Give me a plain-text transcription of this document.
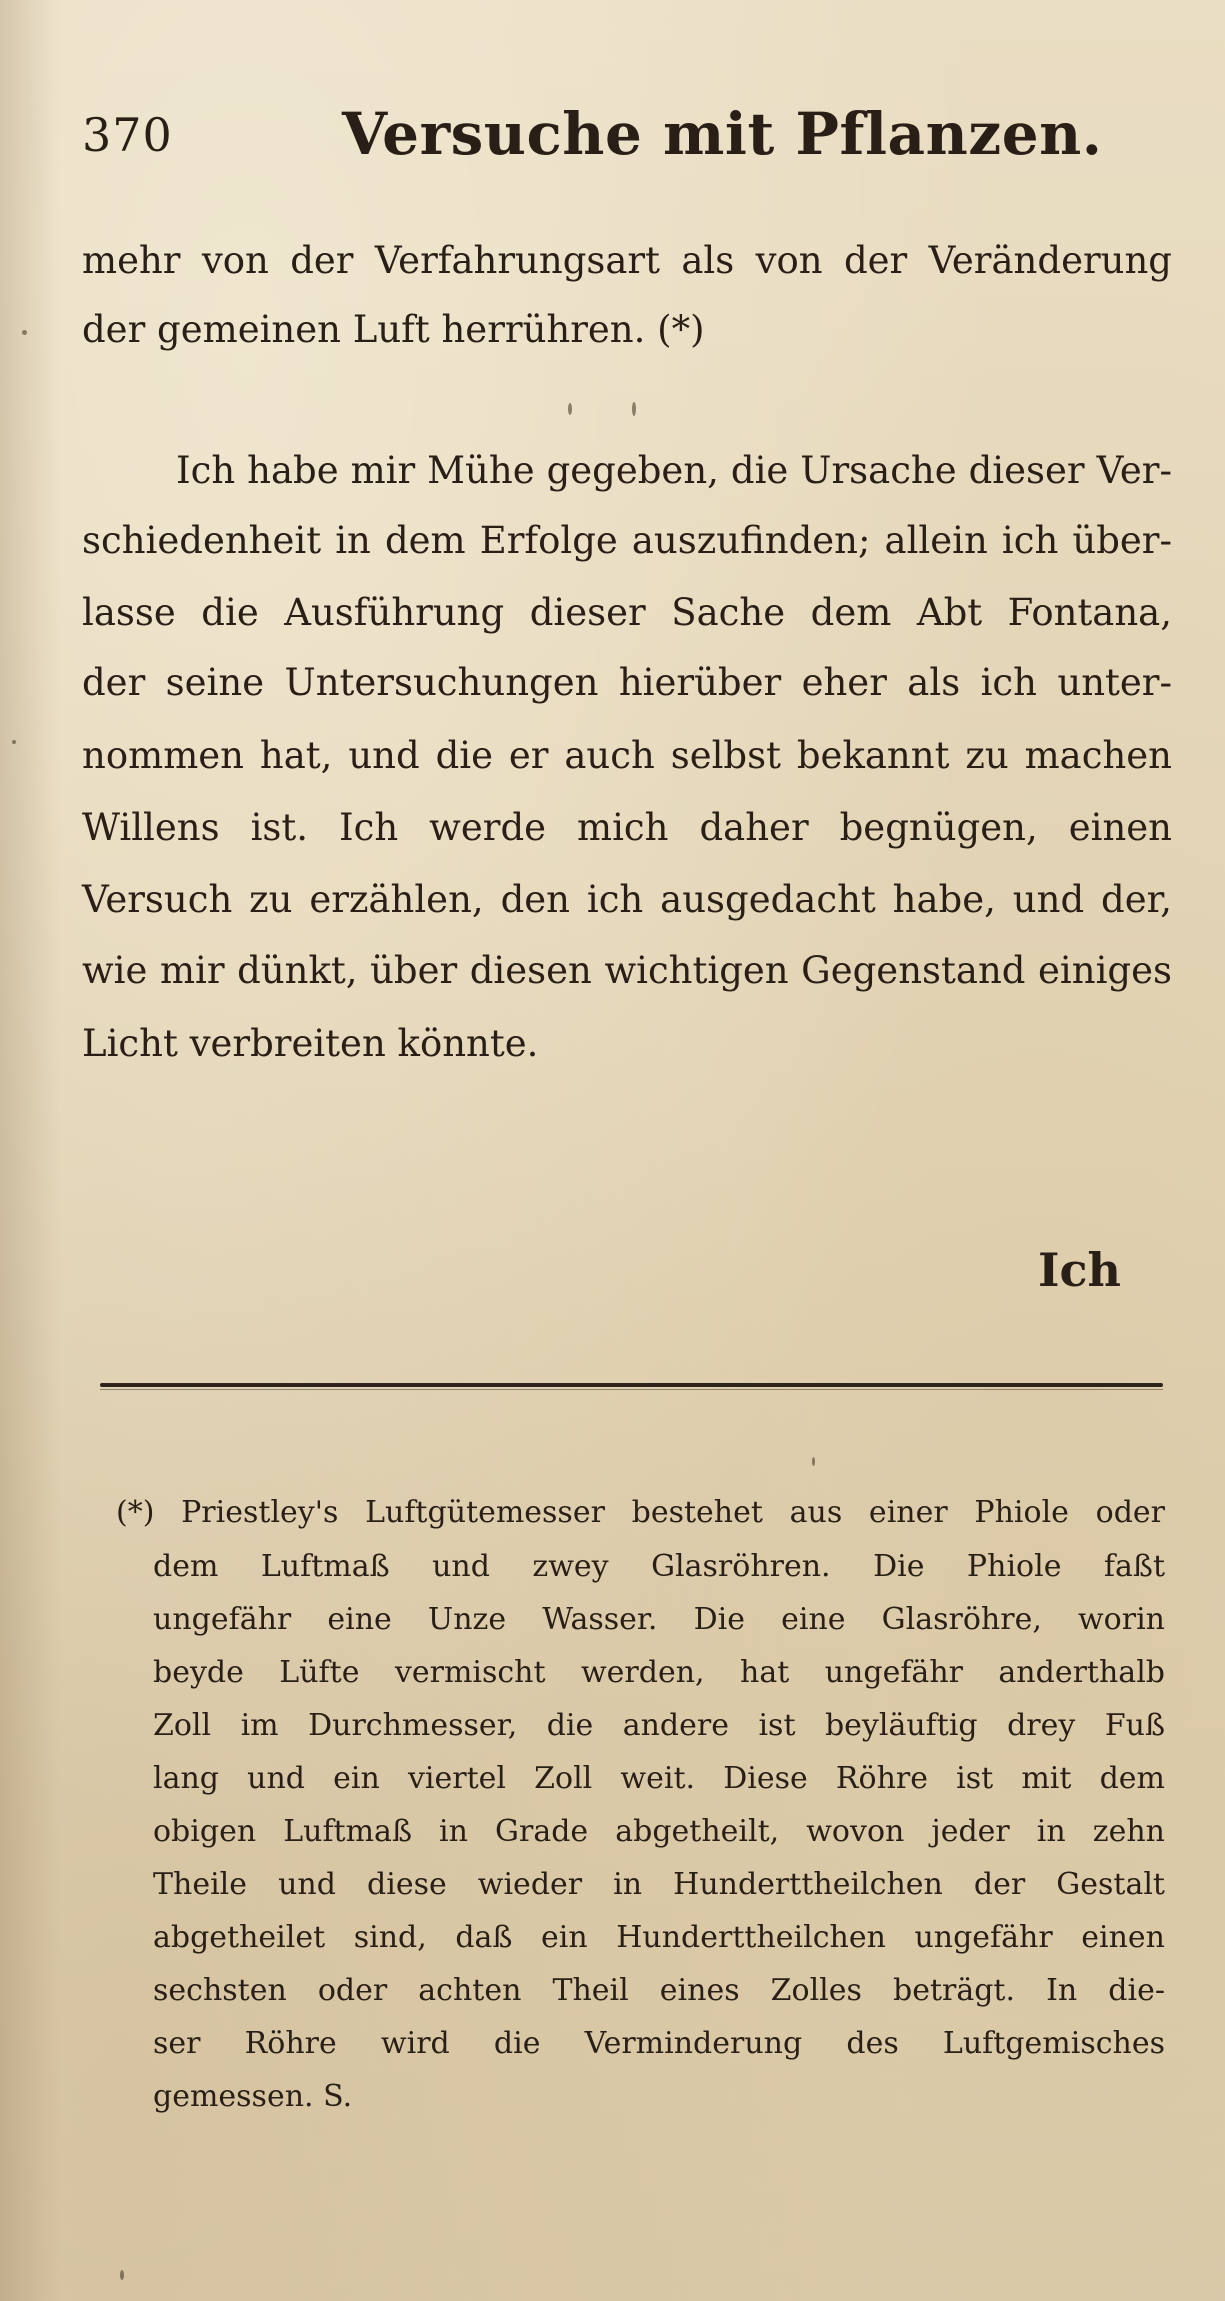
370	Versuche mit Pflanzen.

mehr von der Verfahrungsart als von der Veränderung

der gemeinen Luft herrühren. (*)

Ich habe mir Mühe gegeben, die Ursache dieser Ver-

schiedenheit in dem Erfolge auszufinden; allein ich über-

lasse die Ausführung dieser Sache dem Abt Fontana,

der seine Untersuchungen hierüber eher als ich unter-

nommen hat, und die er auch selbst bekannt zu machen

Willens ist. Ich werde mich daher begnügen, einen

Versuch zu erzählen, den ich ausgedacht habe, und der,

wie mir dünkt, über diesen wichtigen Gegenstand einiges

Licht verbreiten könnte.

Ich

(*) Priestley's Luftgütemesser bestehet aus einer Phiole oder

dem Luftmaß und zwey Glasröhren. Die Phiole faßt

ungefähr eine Unze Wasser. Die eine Glasröhre, worin

beyde Lüfte vermischt werden, hat ungefähr anderthalb

Zoll im Durchmesser, die andere ist beyläuftig drey Fuß

lang und ein viertel Zoll weit. Diese Röhre ist mit dem

obigen Luftmaß in Grade abgetheilt, wovon jeder in zehn

Theile und diese wieder in Hunderttheilchen der Gestalt

abgetheilet sind, daß ein Hunderttheilchen ungefähr einen

sechsten oder achten Theil eines Zolles beträgt. In die-

ser Röhre wird die Verminderung des Luftgemisches

gemessen. S.
